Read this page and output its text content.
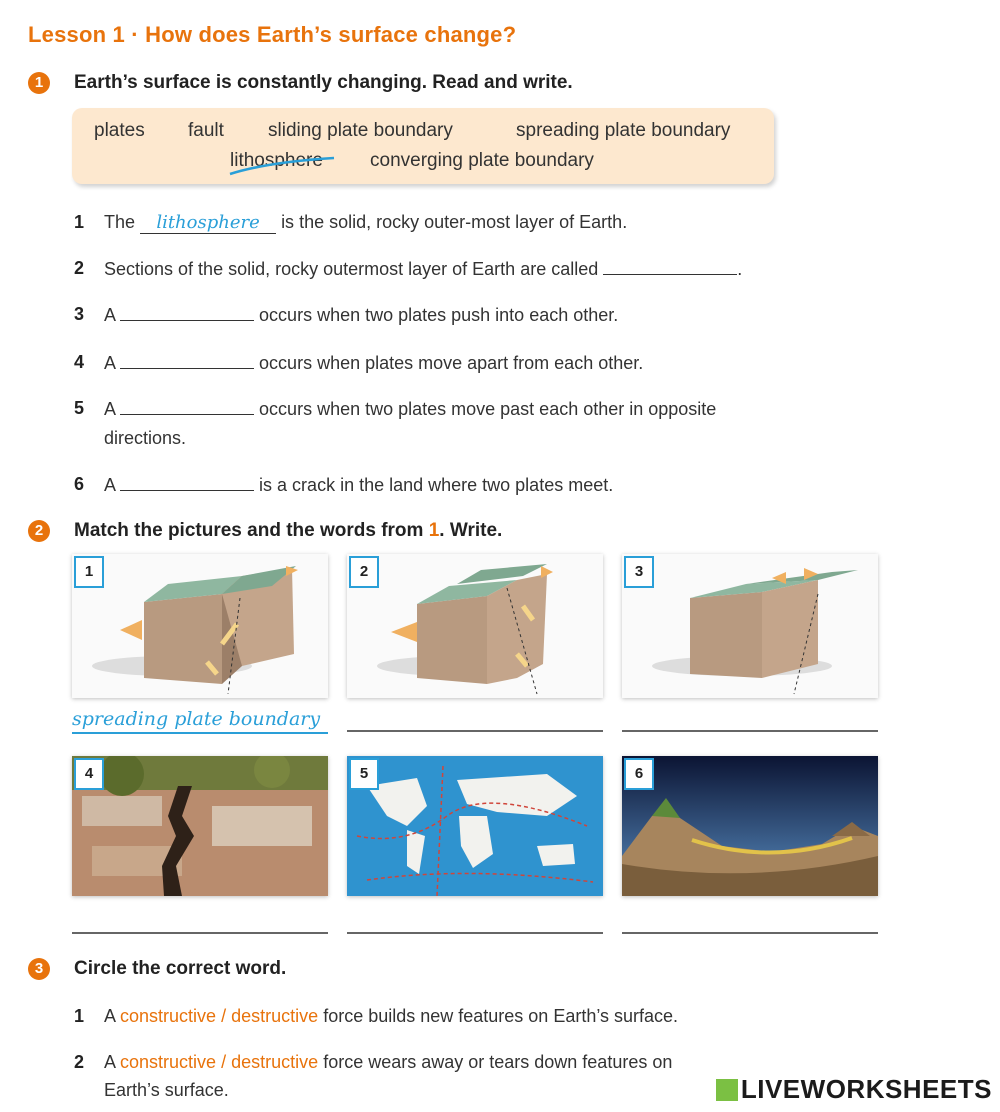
Lesson 1 · How does Earth’s surface change?
1	Earth’s surface is constantly changing. Read and write.
plates fault sliding plate boundary	spreading plate boundary
lithosphere converging plate boundary
1 The lithosphere is the solid, rocky outer-most layer of Earth.
2 Sections of the solid, rocky outermost layer of Earth are called	.
3 A	occurs when two plates push into each other.
4 A	occurs when plates move apart from each other.
5 A	occurs when two plates move past each other in opposite
directions.
6 A	is a crack in the land where two plates meet.
2	Match the pictures and the words from 1. Write.
1	2	3
spreading plate boundary
4	5	6
3	Circle the correct word.
1 A constructive / destructive force builds new features on Earth’s surface.
2 A constructive / destructive force wears away or tears down features on
Earth’s surface.	LIVEWORKSHEETS
